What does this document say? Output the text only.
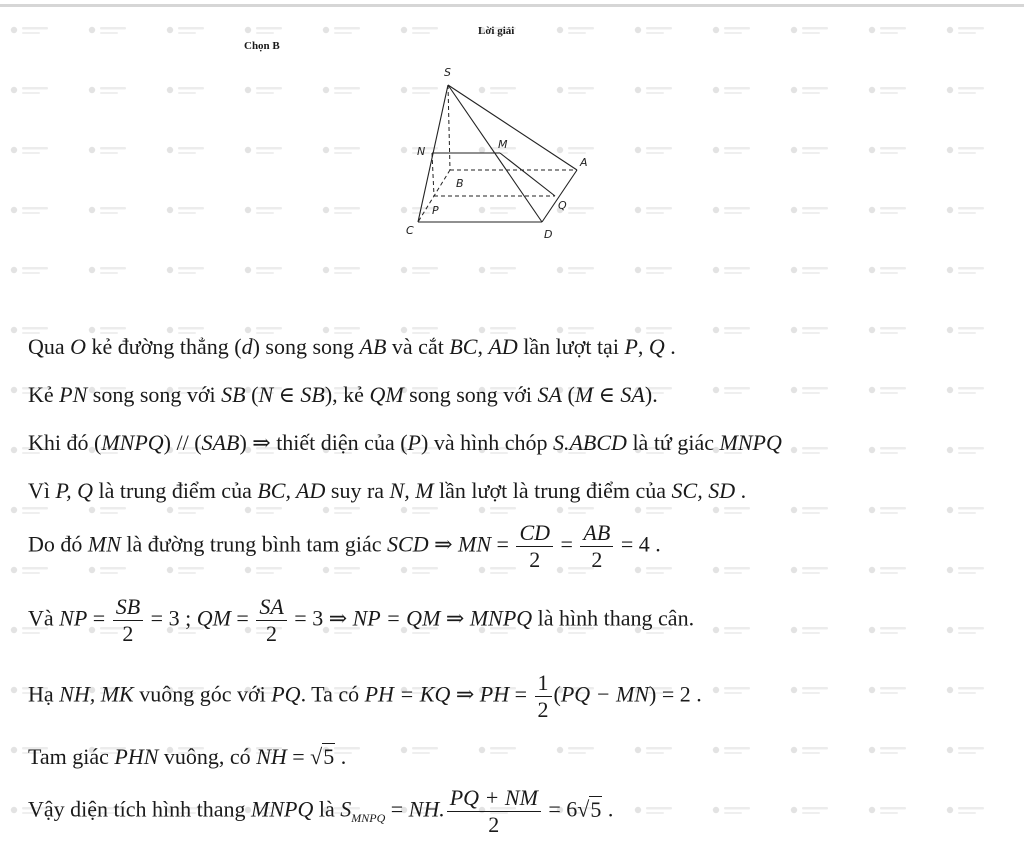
Chọn B
Lời giải
S
N
M
A
B
P	Q
C	D
Qua O kẻ đường thẳng (d) song song AB và cắt BC, AD lần lượt tại P, Q .
Kẻ PN song song với SB (N ∈ SB), kẻ QM song song với SA (M ∈ SA).
Khi đó (MNPQ) // (SAB) ⇒ thiết diện của (P) và hình chóp S.ABCD là tứ giác MNPQ
Vì P, Q là trung điểm của BC, AD suy ra N, M lần lượt là trung điểm của SC, SD .
Do đó MN là đường trung bình tam giác SCD ⇒ MN = $\frac{CD}{2} = \frac{AB}{2} = 4$ .
Và NP = $\frac{SB}{2} = 3$ ; QM = $\frac{SA}{2} = 3$ ⇒ NP = QM ⇒ MNPQ là hình thang cân.
Hạ NH, MK vuông góc với PQ. Ta có PH = KQ ⇒ PH = $\frac{1}{2} (PQ - MN) = 2$ .
Tam giác PHN vuông, có NH = √5 .
Vậy diện tích hình thang MNPQ là $S_{MNPQ}$ = NH. $\frac{PQ + NM}{2} = 6√5$ .
